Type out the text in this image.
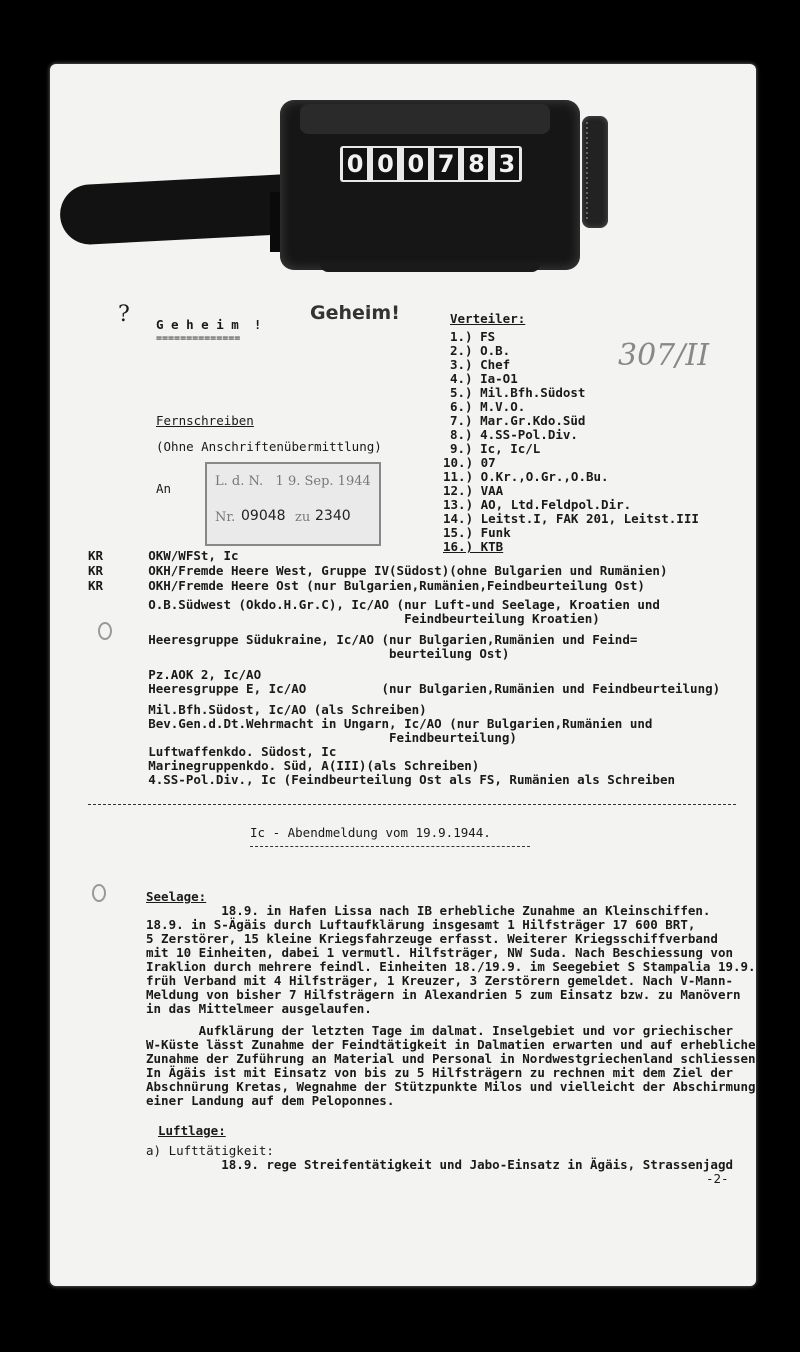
0 0 0 7 8 3
? G e h e i m  !
==============
Geheim!
307/II
Verteiler:
1.) FS
2.) O.B.
3.) Chef
4.) Ia-O1
5.) Mil.Bfh.Südost
6.) M.V.O.
7.) Mar.Gr.Kdo.Süd
8.) 4.SS-Pol.Div.
9.) Ic, Ic/L
10.) 07
11.) O.Kr.,O.Gr.,O.Bu.
12.) VAA
13.) AO, Ltd.Feldpol.Dir.
14.) Leitst.I, FAK 201, Leitst.III
15.) Funk
16.) KTB
Fernschreiben
(Ohne Anschriftenübermittlung)
An	L. d. N.   1 9. Sep. 1944
Nr. 09048 zu 2340
KR      OKW/WFSt, Ic
KR      OKH/Fremde Heere West, Gruppe IV(Südost)(ohne Bulgarien und Rumänien)
KR      OKH/Fremde Heere Ost (nur Bulgarien,Rumänien,Feindbeurteilung Ost)
O.B.Südwest (Okdo.H.Gr.C), Ic/AO (nur Luft-und Seelage, Kroatien und
Feindbeurteilung Kroatien)
Heeresgruppe Südukraine, Ic/AO (nur Bulgarien,Rumänien und Feind=
beurteilung Ost)
Pz.AOK 2, Ic/AO
Heeresgruppe E, Ic/AO          (nur Bulgarien,Rumänien und Feindbeurteilung)
Mil.Bfh.Südost, Ic/AO (als Schreiben)
Bev.Gen.d.Dt.Wehrmacht in Ungarn, Ic/AO (nur Bulgarien,Rumänien und
Feindbeurteilung)
Luftwaffenkdo. Südost, Ic
Marinegruppenkdo. Süd, A(III)(als Schreiben)
4.SS-Pol.Div., Ic (Feindbeurteilung Ost als FS, Rumänien als Schreiben
Ic - Abendmeldung vom 19.9.1944.
Seelage:
18.9. in Hafen Lissa nach IB erhebliche Zunahme an Kleinschiffen.
18.9. in S-Ägäis durch Luftaufklärung insgesamt 1 Hilfsträger 17 600 BRT,
5 Zerstörer, 15 kleine Kriegsfahrzeuge erfasst. Weiterer Kriegsschiffverband
mit 10 Einheiten, dabei 1 vermutl. Hilfsträger, NW Suda. Nach Beschiessung von
Iraklion durch mehrere feindl. Einheiten 18./19.9. im Seegebiet S Stampalia 19.9.
früh Verband mit 4 Hilfsträger, 1 Kreuzer, 3 Zerstörern gemeldet. Nach V-Mann-
Meldung von bisher 7 Hilfsträgern in Alexandrien 5 zum Einsatz bzw. zu Manövern
in das Mittelmeer ausgelaufen.
Aufklärung der letzten Tage im dalmat. Inselgebiet und vor griechischer
W-Küste lässt Zunahme der Feindtätigkeit in Dalmatien erwarten und auf erhebliche
Zunahme der Zuführung an Material und Personal in Nordwestgriechenland schliessen
In Ägäis ist mit Einsatz von bis zu 5 Hilfsträgern zu rechnen mit dem Ziel der
Abschnürung Kretas, Wegnahme der Stützpunkte Milos und vielleicht der Abschirmung
einer Landung auf dem Peloponnes.
Luftlage:
a) Lufttätigkeit:
18.9. rege Streifentätigkeit und Jabo-Einsatz in Ägäis, Strassenjagd
-2-
